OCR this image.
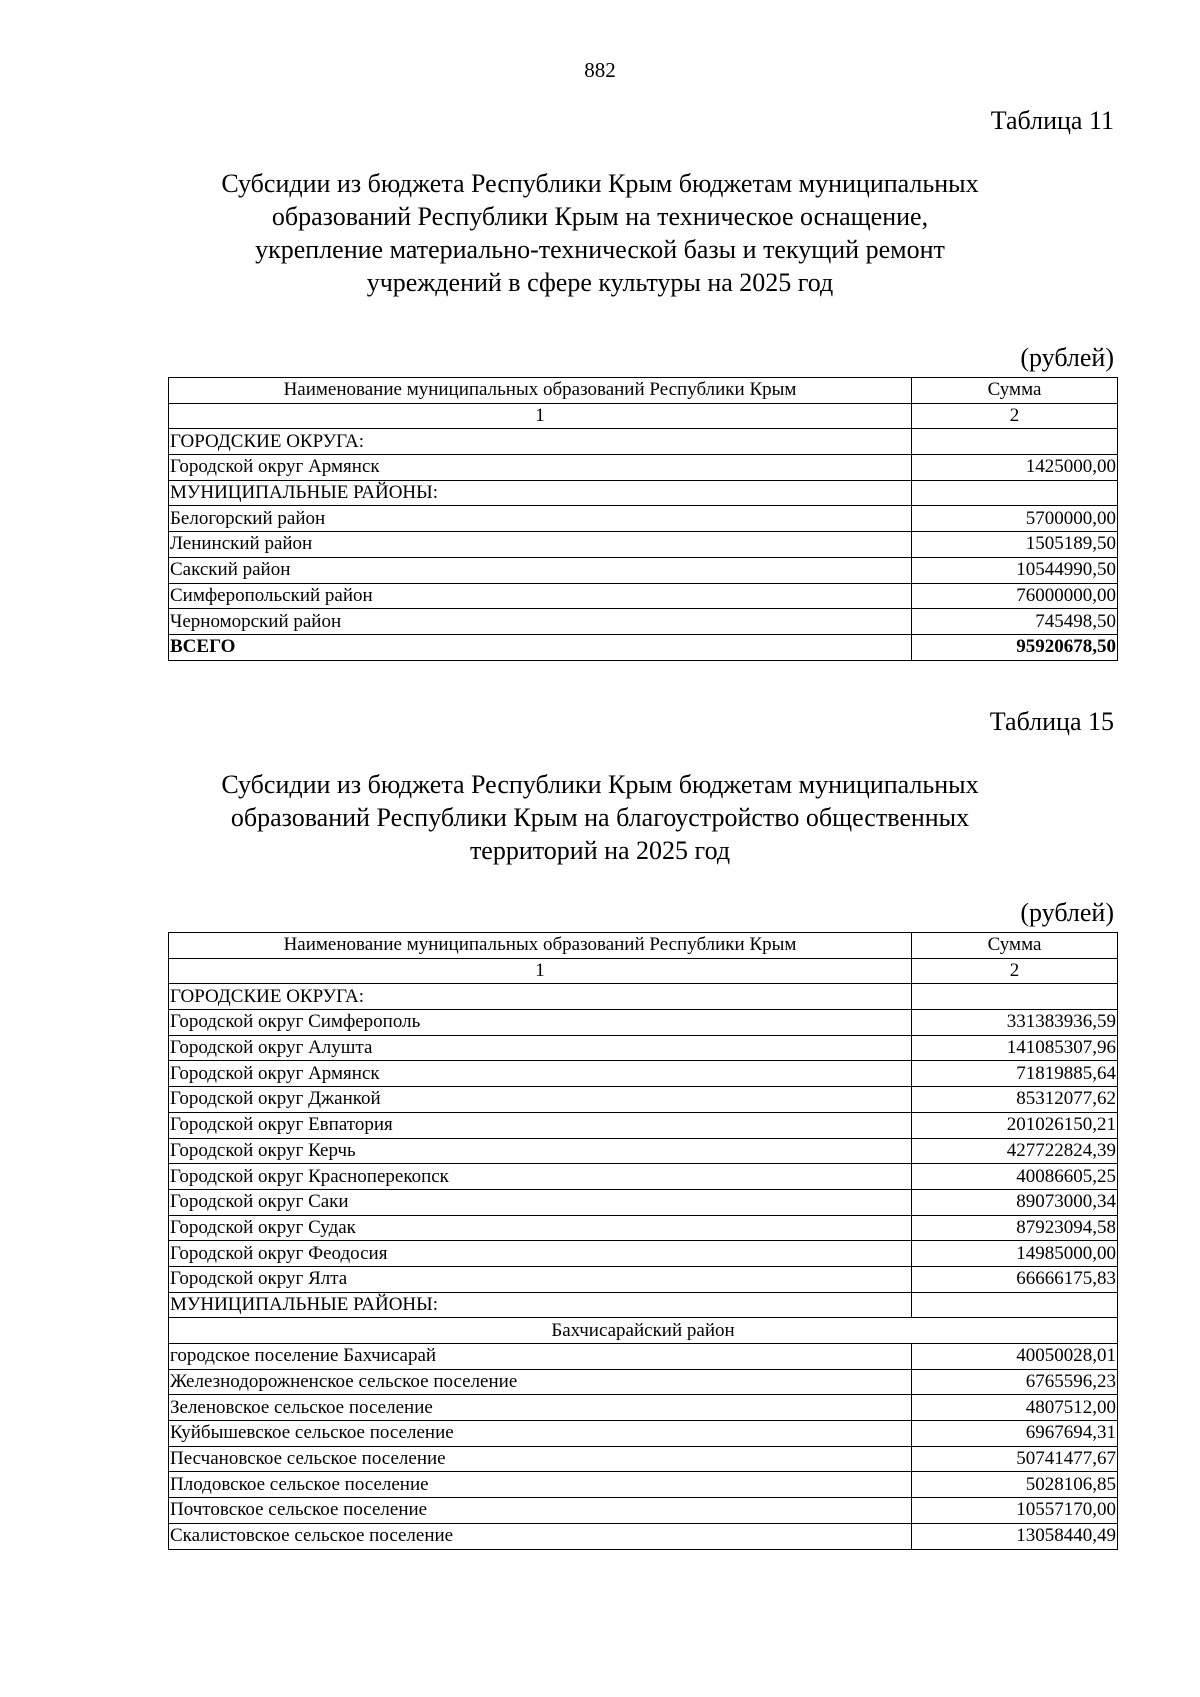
882
Таблица 11
Субсидии из бюджета Республики Крым бюджетам муниципальных
образований Республики Крым на техническое оснащение,
укрепление материально-технической базы и текущий ремонт
учреждений в сфере культуры на 2025 год
(рублей)
Наименование муниципальных образований Республики Крым	Сумма
1	2
ГОРОДСКИЕ ОКРУГА:	
Городской округ Армянск	1425000,00
МУНИЦИПАЛЬНЫЕ РАЙОНЫ:	
Белогорский район	5700000,00
Ленинский район	1505189,50
Сакский район	10544990,50
Симферопольский район	76000000,00
Черноморский район	745498,50
ВСЕГО	95920678,50
Таблица 15
Субсидии из бюджета Республики Крым бюджетам муниципальных
образований Республики Крым на благоустройство общественных
территорий на 2025 год
(рублей)
Наименование муниципальных образований Республики Крым	Сумма
1	2
ГОРОДСКИЕ ОКРУГА:	
Городской округ Симферополь	331383936,59
Городской округ Алушта	141085307,96
Городской округ Армянск	71819885,64
Городской округ Джанкой	85312077,62
Городской округ Евпатория	201026150,21
Городской округ Керчь	427722824,39
Городской округ Красноперекопск	40086605,25
Городской округ Саки	89073000,34
Городской округ Судак	87923094,58
Городской округ Феодосия	14985000,00
Городской округ Ялта	66666175,83
МУНИЦИПАЛЬНЫЕ РАЙОНЫ:	
Бахчисарайский район	
городское поселение Бахчисарай	40050028,01
Железнодорожненское сельское поселение	6765596,23
Зеленовское сельское поселение	4807512,00
Куйбышевское сельское поселение	6967694,31
Песчановское сельское поселение	50741477,67
Плодовское сельское поселение	5028106,85
Почтовское сельское поселение	10557170,00
Скалистовское сельское поселение	13058440,49
